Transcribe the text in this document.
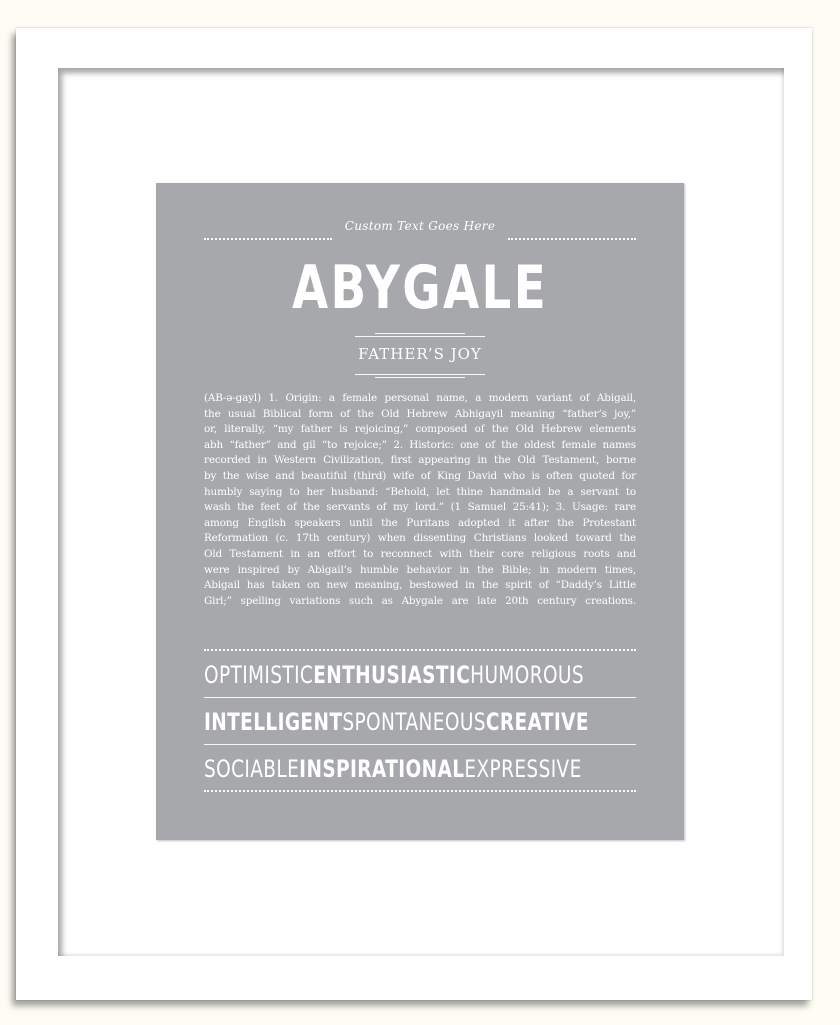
Custom Text Goes Here
ABYGALE
FATHER’S JOY
(AB-ə-gayl) 1. Origin: a female personal name, a modern variant of Abigail,
the usual Biblical form of the Old Hebrew Abhigayil meaning “father’s joy,”
or, literally, “my father is rejoicing,” composed of the Old Hebrew elements
abh “father” and gil “to rejoice;” 2. Historic: one of the oldest female names
recorded in Western Civilization, first appearing in the Old Testament, borne
by the wise and beautiful (third) wife of King David who is often quoted for
humbly saying to her husband: “Behold, let thine handmaid be a servant to
wash the feet of the servants of my lord.” (1 Samuel 25:41); 3. Usage: rare
among English speakers until the Puritans adopted it after the Protestant
Reformation (c. 17th century) when dissenting Christians looked toward the
Old Testament in an effort to reconnect with their core religious roots and
were inspired by Abigail’s humble behavior in the Bible; in modern times,
Abigail has taken on new meaning, bestowed in the spirit of “Daddy’s Little
Girl;” spelling variations such as Abygale are late 20th century creations.
OPTIMISTIC ENTHUSIASTIC HUMOROUS
INTELLIGENT SPONTANEOUS CREATIVE
SOCIABLE INSPIRATIONAL EXPRESSIVE
